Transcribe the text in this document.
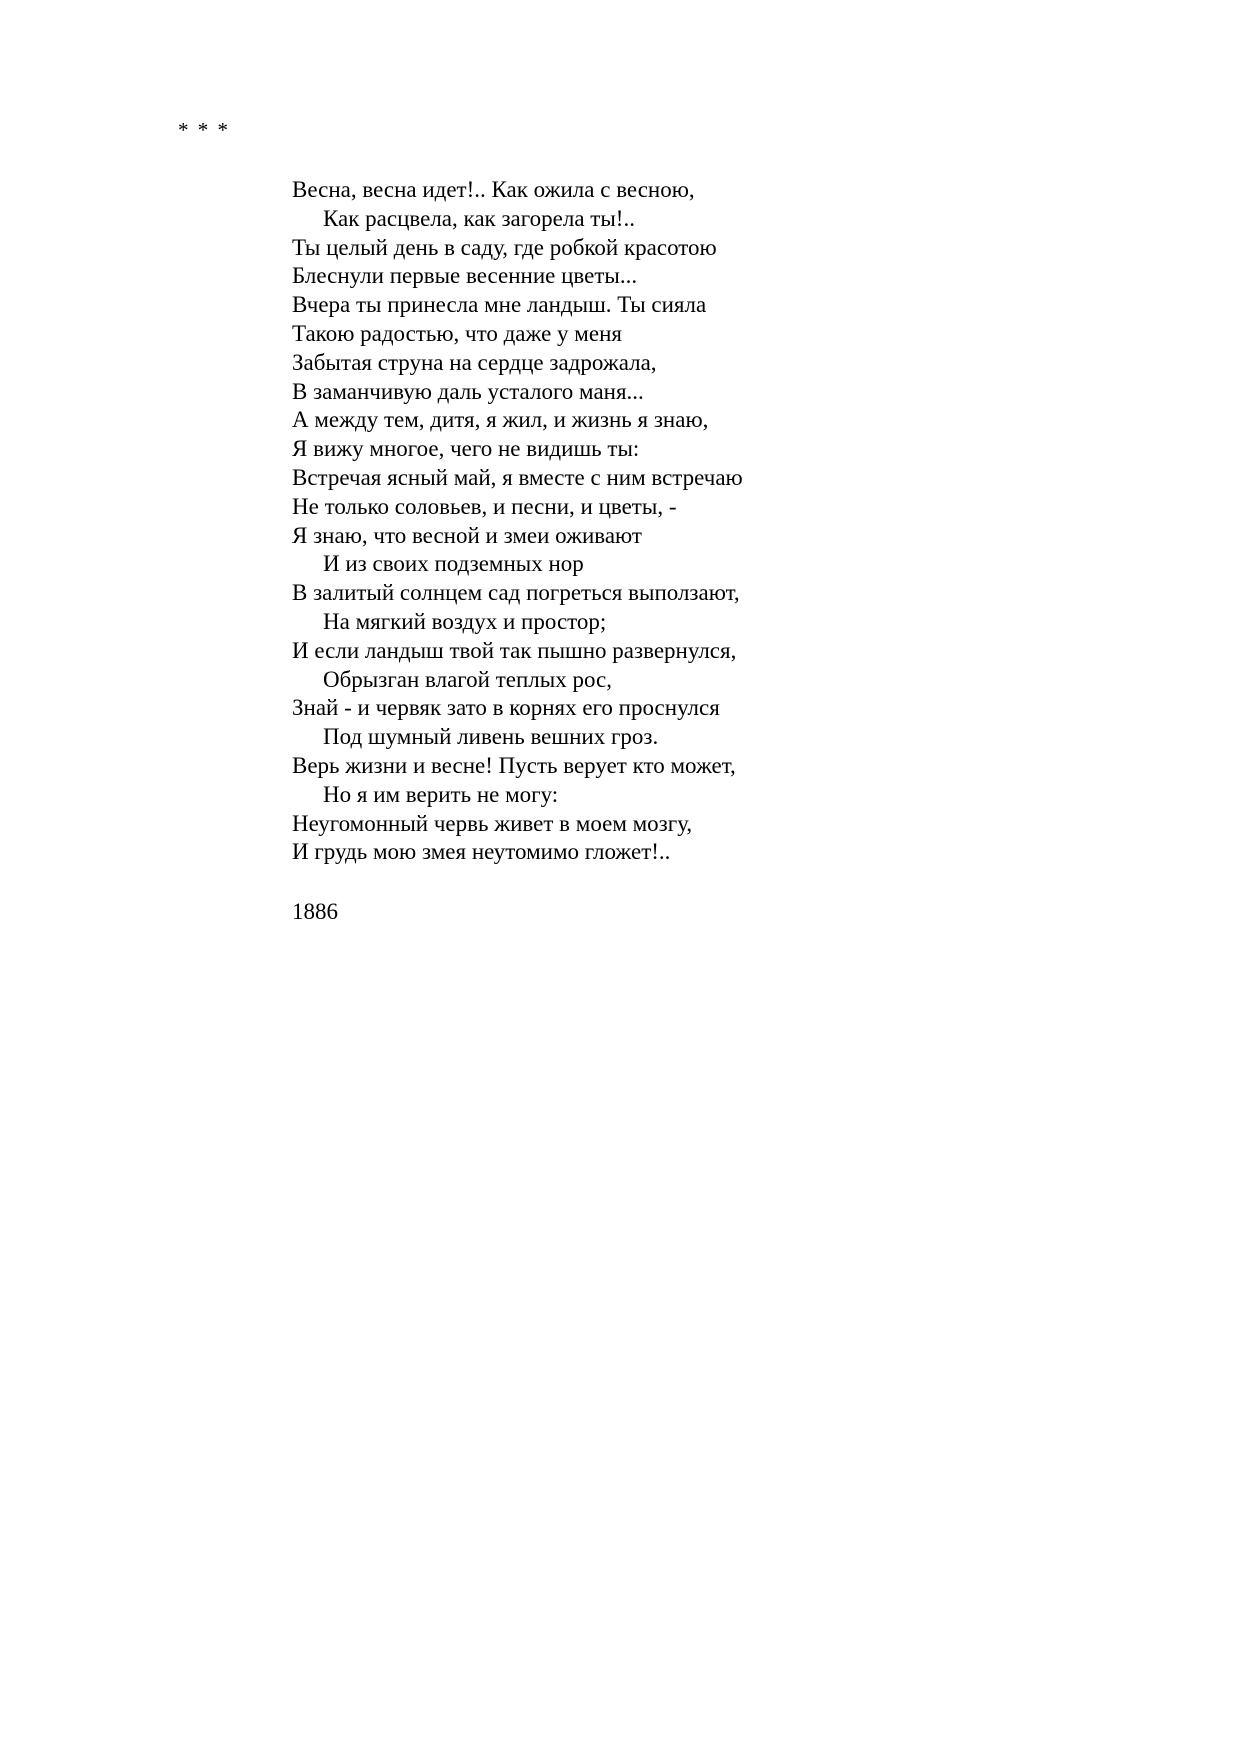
* * *
Весна, весна идет!.. Как ожила с весною,
Как расцвела, как загорела ты!..
Ты целый день в саду, где робкой красотою
Блеснули первые весенние цветы...
Вчера ты принесла мне ландыш. Ты сияла
Такою радостью, что даже у меня
Забытая струна на сердце задрожала,
В заманчивую даль усталого маня...
А между тем, дитя, я жил, и жизнь я знаю,
Я вижу многое, чего не видишь ты:
Встречая ясный май, я вместе с ним встречаю
Не только соловьев, и песни, и цветы, -
Я знаю, что весной и змеи оживают
И из своих подземных нор
В залитый солнцем сад погреться выползают,
На мягкий воздух и простор;
И если ландыш твой так пышно развернулся,
Обрызган влагой теплых рос,
Знай - и червяк зато в корнях его проснулся
Под шумный ливень вешних гроз.
Верь жизни и весне! Пусть верует кто может,
Но я им верить не могу:
Неугомонный червь живет в моем мозгу,
И грудь мою змея неутомимо гложет!..
1886
